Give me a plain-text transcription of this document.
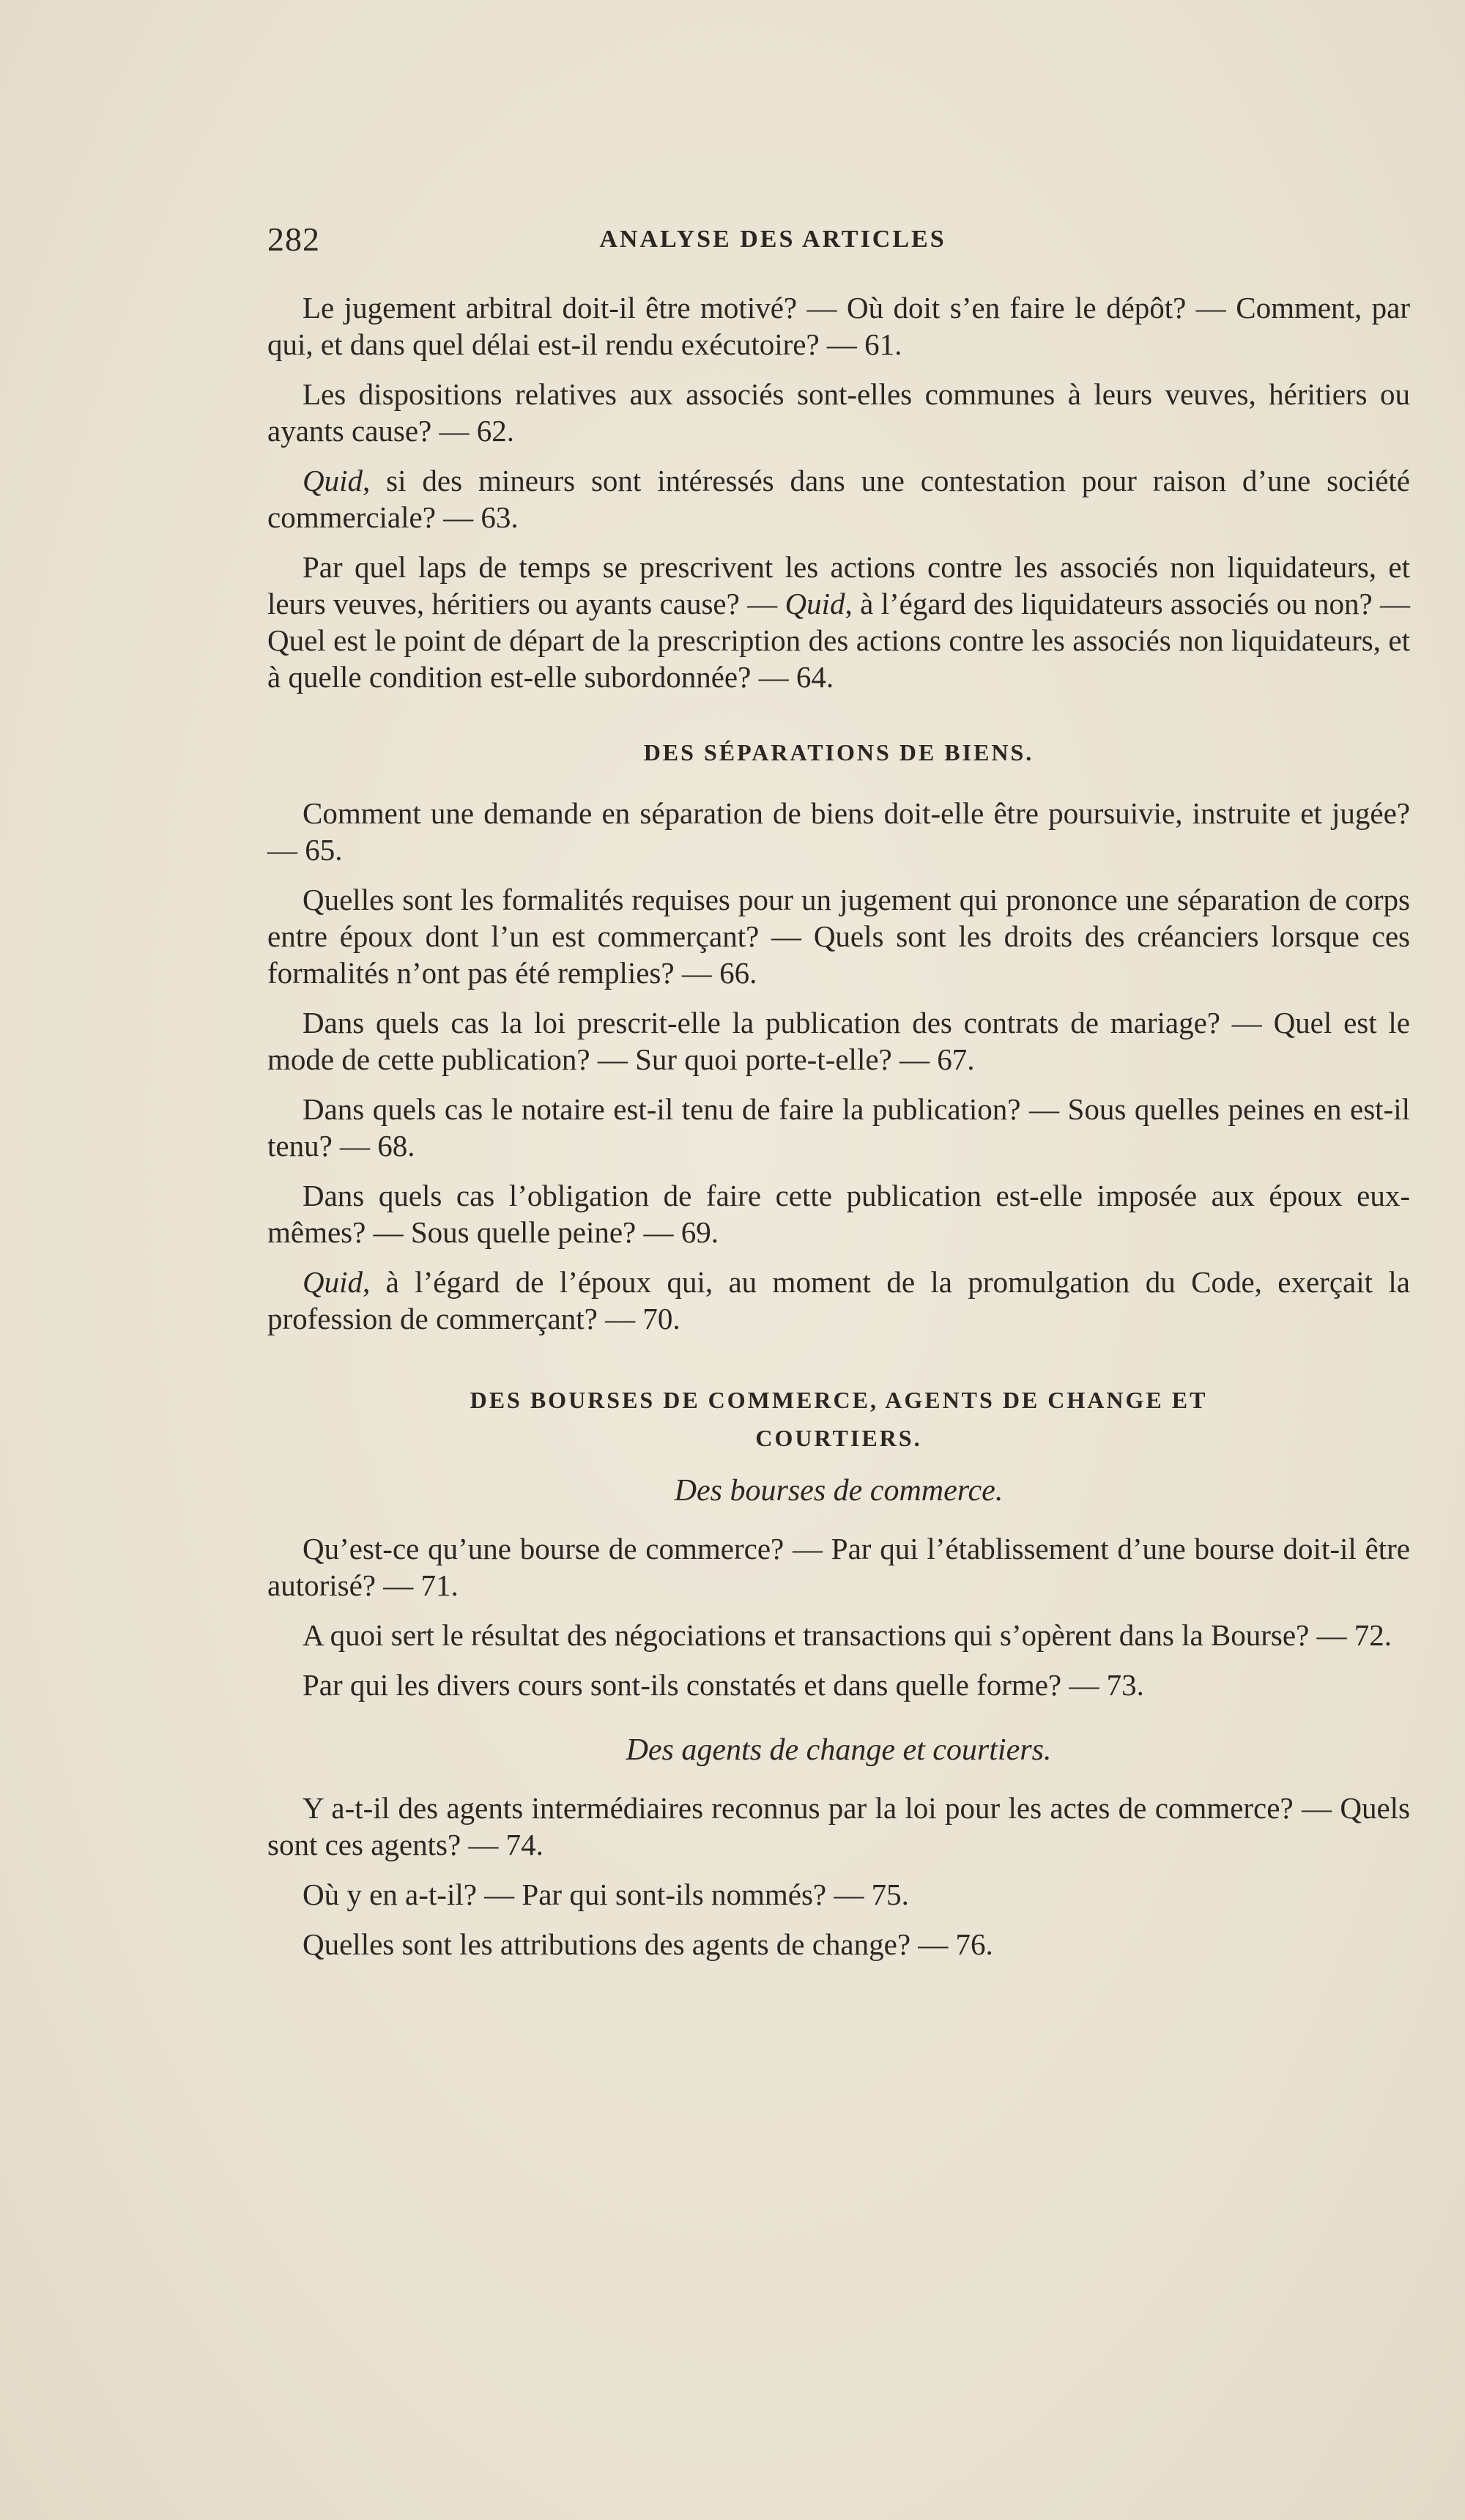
282	ANALYSE DES ARTICLES

Le jugement arbitral doit-il être motivé? — Où doit s’en faire le dépôt? — Comment, par qui, et dans quel délai est-il rendu exécutoire? — 61.

Les dispositions relatives aux associés sont-elles communes à leurs veuves, héritiers ou ayants cause? — 62.

Quid, si des mineurs sont intéressés dans une contestation pour raison d’une société commerciale? — 63.

Par quel laps de temps se prescrivent les actions contre les associés non liquidateurs, et leurs veuves, héritiers ou ayants cause? — Quid, à l’égard des liquidateurs associés ou non? — Quel est le point de départ de la prescription des actions contre les associés non liquidateurs, et à quelle condition est-elle subordonnée? — 64.

DES SÉPARATIONS DE BIENS.

Comment une demande en séparation de biens doit-elle être poursuivie, instruite et jugée? — 65.

Quelles sont les formalités requises pour un jugement qui prononce une séparation de corps entre époux dont l’un est commerçant? — Quels sont les droits des créanciers lorsque ces formalités n’ont pas été remplies? — 66.

Dans quels cas la loi prescrit-elle la publication des contrats de mariage? — Quel est le mode de cette publication? — Sur quoi porte-t-elle? — 67.

Dans quels cas le notaire est-il tenu de faire la publication? — Sous quelles peines en est-il tenu? — 68.

Dans quels cas l’obligation de faire cette publication est-elle imposée aux époux eux-mêmes? — Sous quelle peine? — 69.

Quid, à l’égard de l’époux qui, au moment de la promulgation du Code, exerçait la profession de commerçant? — 70.

DES BOURSES DE COMMERCE, AGENTS DE CHANGE ET
COURTIERS.
Des bourses de commerce.

Qu’est-ce qu’une bourse de commerce? — Par qui l’établissement d’une bourse doit-il être autorisé? — 71.

A quoi sert le résultat des négociations et transactions qui s’opèrent dans la Bourse? — 72.

Par qui les divers cours sont-ils constatés et dans quelle forme? — 73.

Des agents de change et courtiers.

Y a-t-il des agents intermédiaires reconnus par la loi pour les actes de commerce? — Quels sont ces agents? — 74.

Où y en a-t-il? — Par qui sont-ils nommés? — 75.

Quelles sont les attributions des agents de change? — 76.
